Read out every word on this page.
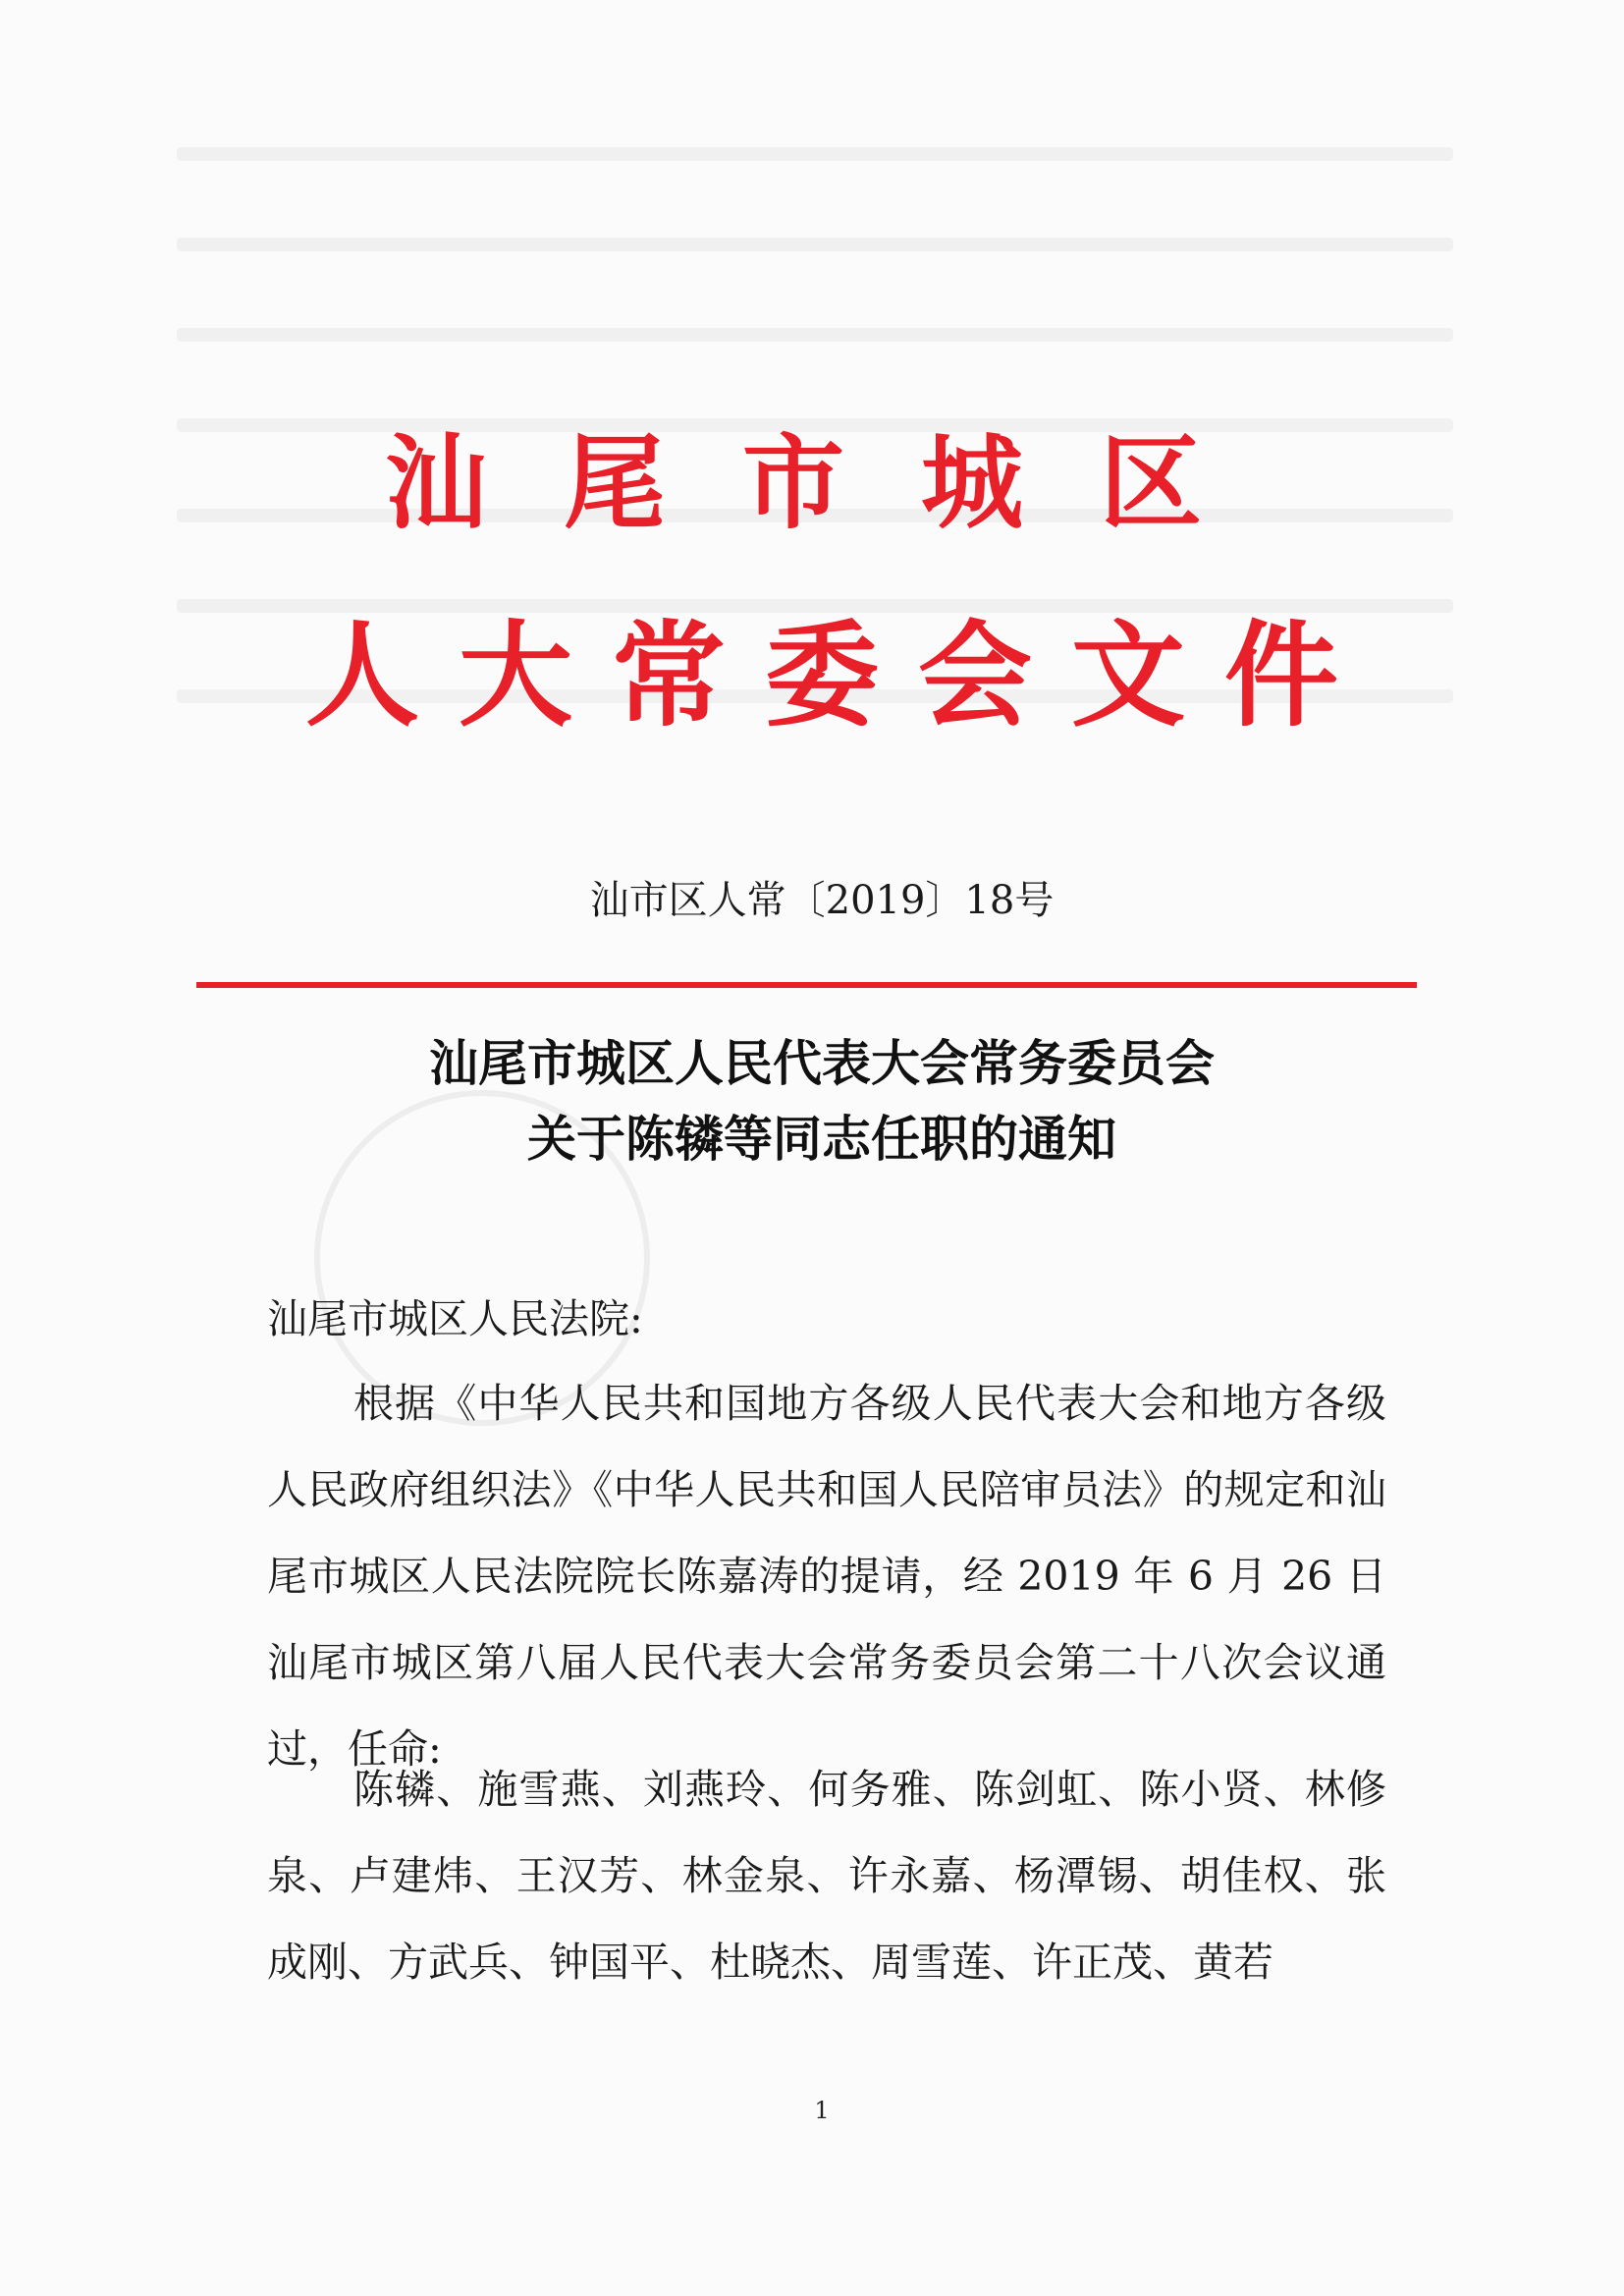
汕尾市城区
人大常委会文件
汕市区人常〔2019〕18号
汕尾市城区人民代表大会常务委员会
关于陈辚等同志任职的通知
汕尾市城区人民法院:

根据《中华人民共和国地方各级人民代表大会和地方各级人民政府组织法》《中华人民共和国人民陪审员法》的规定和汕尾市城区人民法院院长陈嘉涛的提请，经 2019 年 6 月 26 日汕尾市城区第八届人民代表大会常务委员会第二十八次会议通过，任命:

陈辚、施雪燕、刘燕玲、何务雅、陈剑虹、陈小贤、林修泉、卢建炜、王汉芳、林金泉、许永嘉、杨潭锡、胡佳权、张成刚、方武兵、钟国平、杜晓杰、周雪莲、许正茂、黄若

1
